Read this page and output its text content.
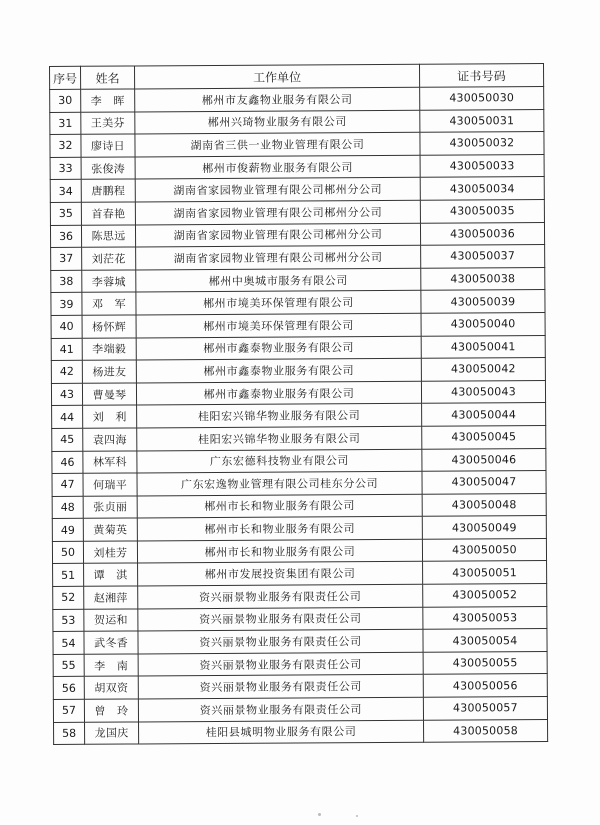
序号	姓名	工作单位	证书号码
30	李　晖	郴州市友鑫物业服务有限公司	430050030
31	王美芬	郴州兴琦物业服务有限公司	430050031
32	廖诗日	湖南省三供一业物业管理有限公司	430050032
33	张俊涛	郴州市俊薪物业服务有限公司	430050033
34	唐鹏程	湖南省家园物业管理有限公司郴州分公司	430050034
35	首春艳	湖南省家园物业管理有限公司郴州分公司	430050035
36	陈思远	湖南省家园物业管理有限公司郴州分公司	430050036
37	刘茫花	湖南省家园物业管理有限公司郴州分公司	430050037
38	李蓉城	郴州中奥城市服务有限公司	430050038
39	邓　军	郴州市境美环保管理有限公司	430050039
40	杨怀辉	郴州市境美环保管理有限公司	430050040
41	李端毅	郴州市鑫泰物业服务有限公司	430050041
42	杨进友	郴州市鑫泰物业服务有限公司	430050042
43	曹曼琴	郴州市鑫泰物业服务有限公司	430050043
44	刘　利	桂阳宏兴锦华物业服务有限公司	430050044
45	袁四海	桂阳宏兴锦华物业服务有限公司	430050045
46	林军科	广东宏德科技物业有限公司	430050046
47	何瑞平	广东宏逸物业管理有限公司桂东分公司	430050047
48	张贞丽	郴州市长和物业服务有限公司	430050048
49	黄菊英	郴州市长和物业服务有限公司	430050049
50	刘桂芳	郴州市长和物业服务有限公司	430050050
51	谭　淇	郴州市发展投资集团有限公司	430050051
52	赵湘萍	资兴丽景物业服务有限责任公司	430050052
53	贺运和	资兴丽景物业服务有限责任公司	430050053
54	武冬香	资兴丽景物业服务有限责任公司	430050054
55	李　南	资兴丽景物业服务有限责任公司	430050055
56	胡双资	资兴丽景物业服务有限责任公司	430050056
57	曾　玲	资兴丽景物业服务有限责任公司	430050057
58	龙国庆	桂阳县城明物业服务有限公司	430050058
